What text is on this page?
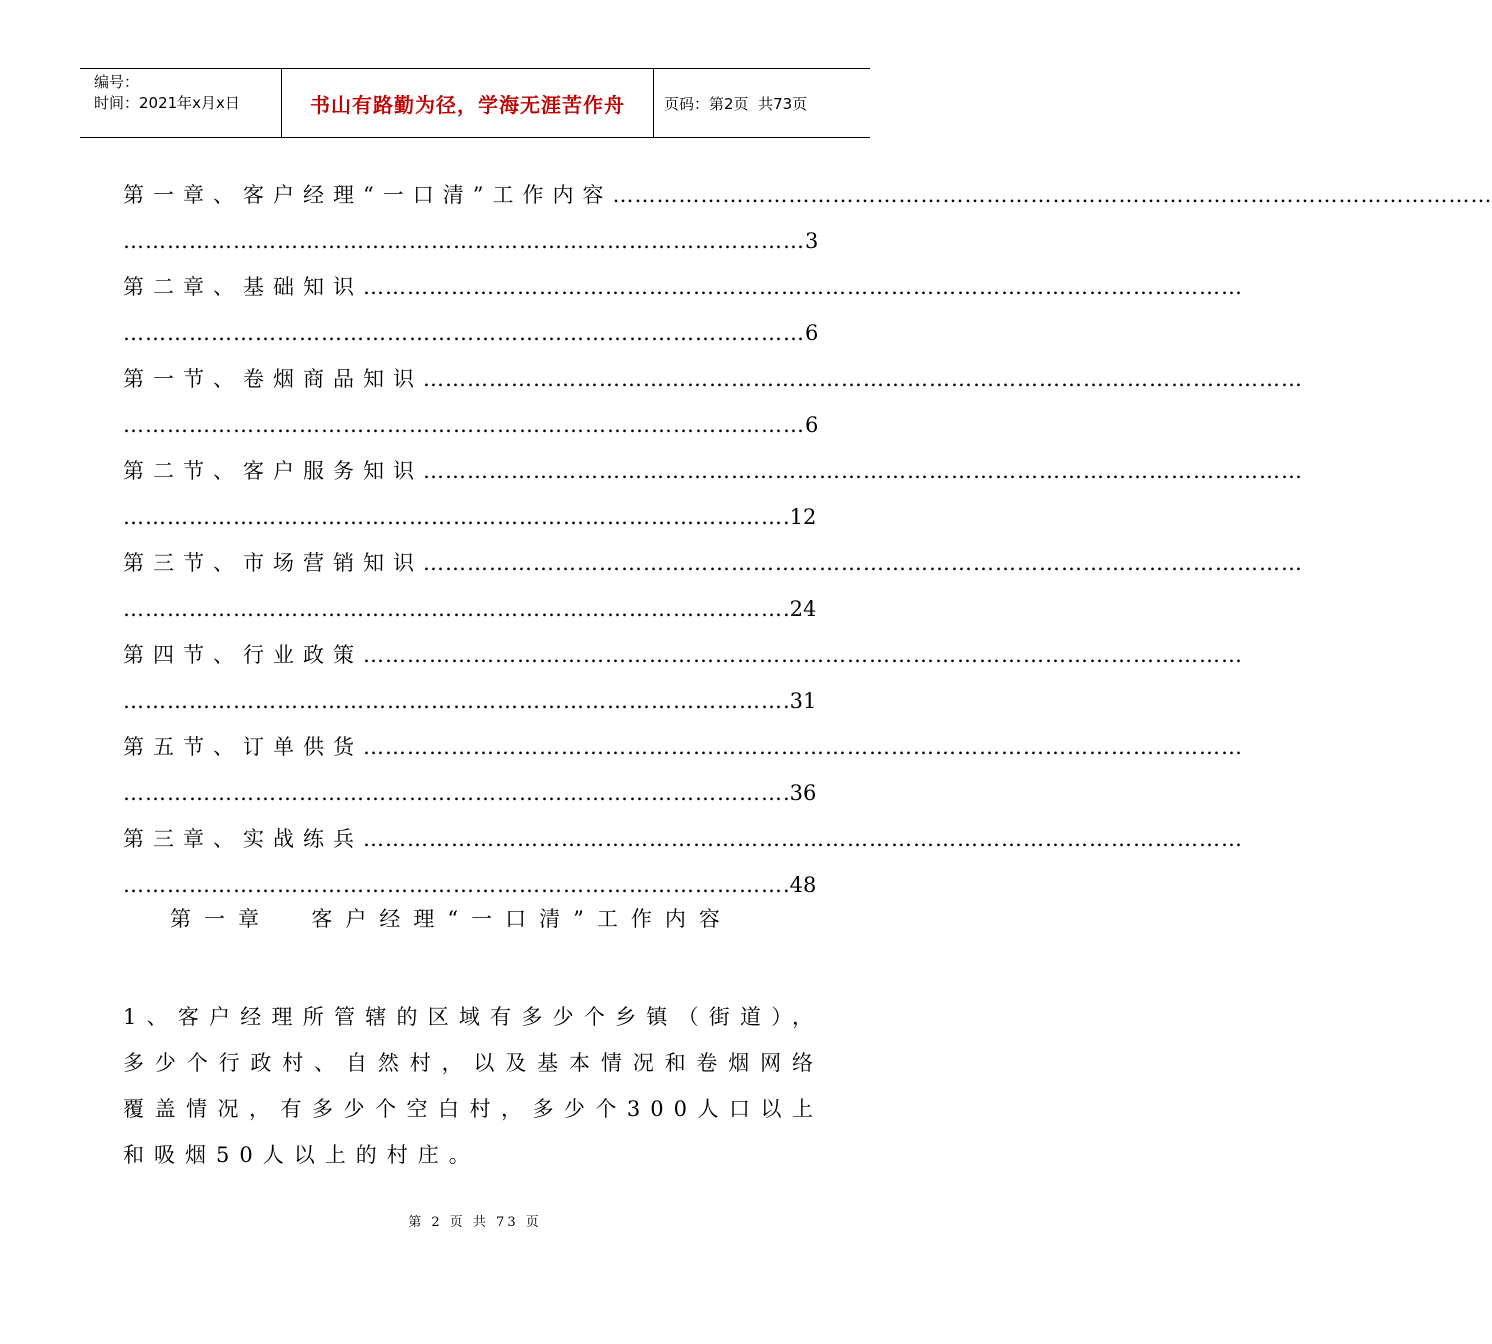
编号：
时间：2021年x月x日	书山有路勤为径，学海无涯苦作舟	页码：第2页  共73页
第一章、客户经理“一口清”工作内容…………………………………………………………………………………………………………
…………………………………………………………………………………3
第二章、基础知识…………………………………………………………………………………………………………
…………………………………………………………………………………6
第一节、卷烟商品知识…………………………………………………………………………………………………………
…………………………………………………………………………………6
第二节、客户服务知识…………………………………………………………………………………………………………
……………………………………………………………………………….12
第三节、市场营销知识…………………………………………………………………………………………………………
……………………………………………………………………………….24
第四节、行业政策…………………………………………………………………………………………………………
……………………………………………………………………………….31
第五节、订单供货…………………………………………………………………………………………………………
……………………………………………………………………………….36
第三章、实战练兵…………………………………………………………………………………………………………
……………………………………………………………………………….48
第一章  客户经理“一口清”工作内容
1、客户经理所管辖的区域有多少个乡镇（街道），多少个行政村、自然村，以及基本情况和卷烟网络覆盖情况，有多少个空白村，多少个300人口以上和吸烟50人以上的村庄。
第 2 页 共 73 页
